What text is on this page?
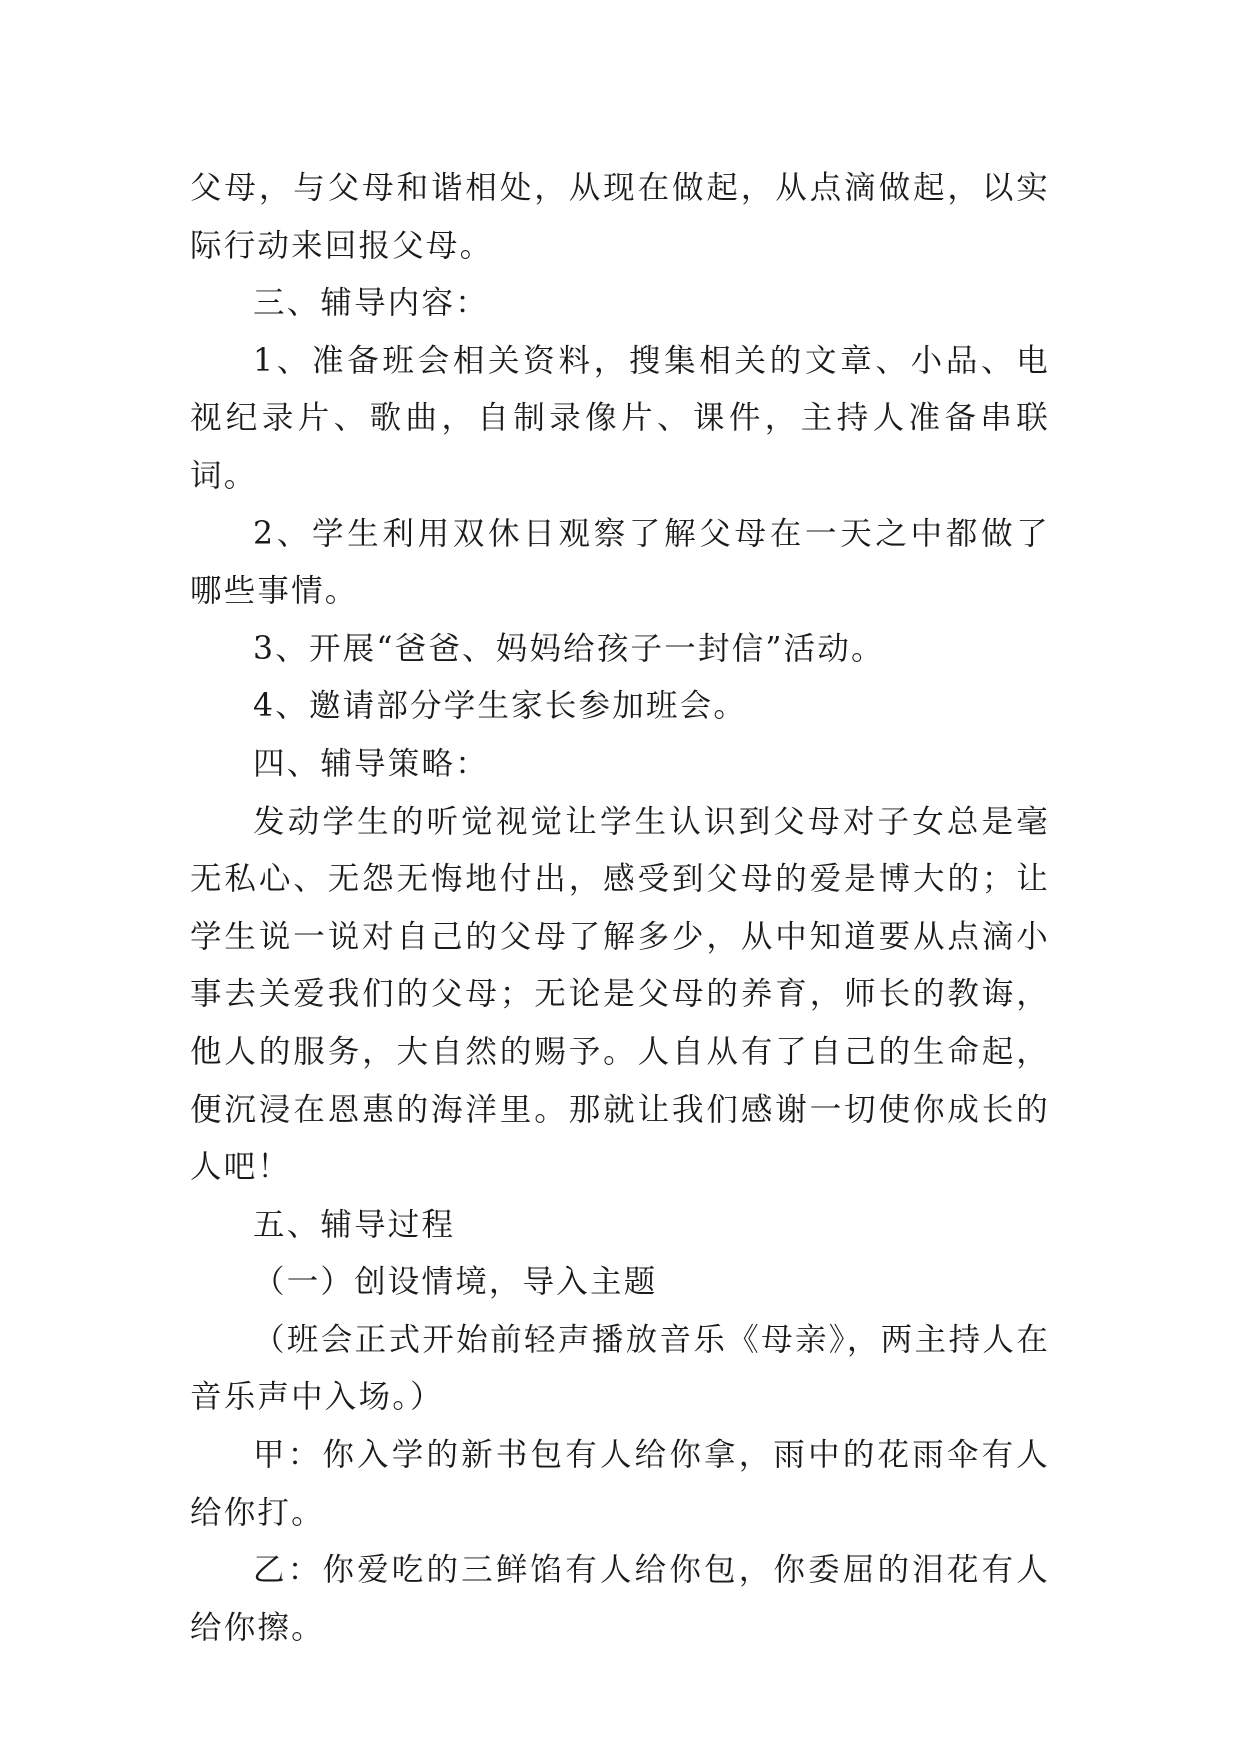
父母，与父母和谐相处，从现在做起，从点滴做起，以实际行动来回报父母。

三、辅导内容：

1、准备班会相关资料，搜集相关的文章、小品、电视纪录片、歌曲，自制录像片、课件，主持人准备串联词。

2、学生利用双休日观察了解父母在一天之中都做了哪些事情。

3、开展“爸爸、妈妈给孩子一封信”活动。

4、邀请部分学生家长参加班会。

四、辅导策略：

发动学生的听觉视觉让学生认识到父母对子女总是毫无私心、无怨无悔地付出，感受到父母的爱是博大的；让学生说一说对自己的父母了解多少，从中知道要从点滴小事去关爱我们的父母；无论是父母的养育，师长的教诲，他人的服务，大自然的赐予。人自从有了自己的生命起，便沉浸在恩惠的海洋里。那就让我们感谢一切使你成长的人吧！

五、辅导过程

（一）创设情境，导入主题

（班会正式开始前轻声播放音乐《母亲》，两主持人在音乐声中入场。）

甲：你入学的新书包有人给你拿，雨中的花雨伞有人给你打。

乙：你爱吃的三鲜馅有人给你包，你委屈的泪花有人给你擦。
